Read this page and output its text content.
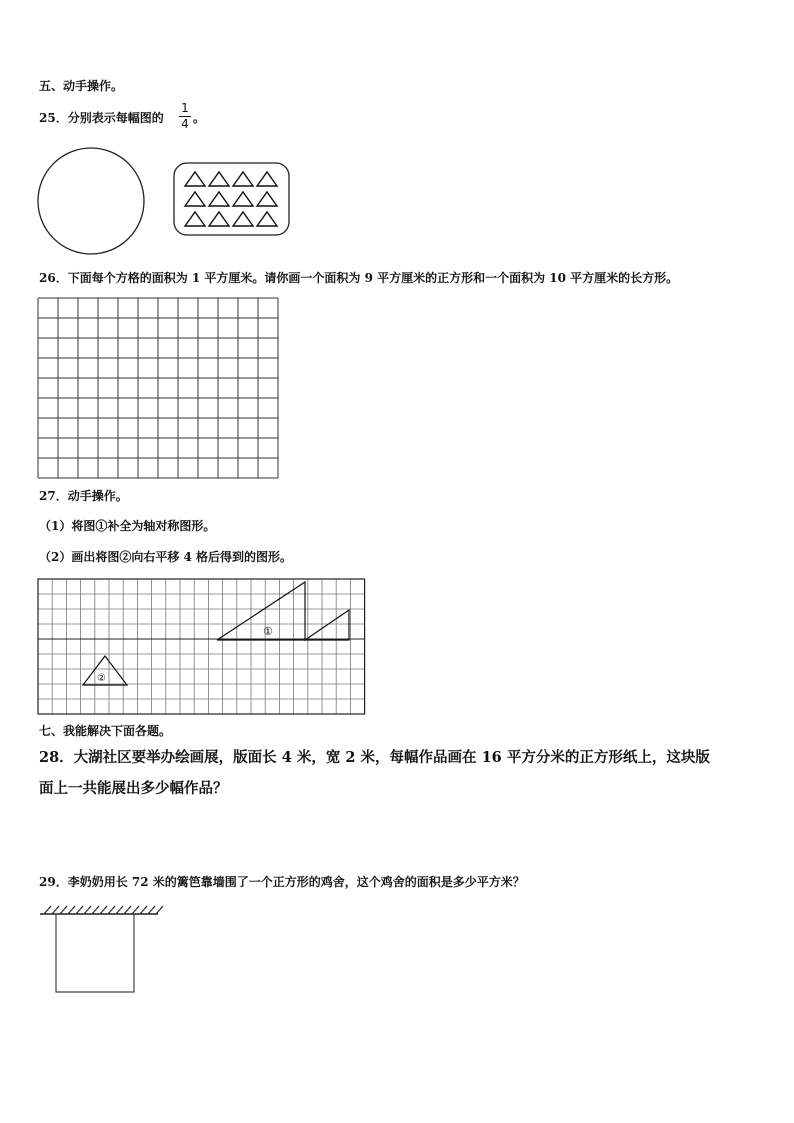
五、动手操作。
25．分别表示每幅图的 $\frac{1}{4}$ 。
26．下面每个方格的面积为 1 平方厘米。请你画一个面积为 9 平方厘米的正方形和一个面积为 10 平方厘米的长方形。
27．动手操作。
（1）将图①补全为轴对称图形。
（2）画出将图②向右平移 4 格后得到的图形。
①
②
七、我能解决下面各题。
28．大湖社区要举办绘画展，版面长 4 米，宽 2 米，每幅作品画在 16 平方分米的正方形纸上，这块版
面上一共能展出多少幅作品？
29．李奶奶用长 72 米的篱笆靠墙围了一个正方形的鸡舍，这个鸡舍的面积是多少平方米？
